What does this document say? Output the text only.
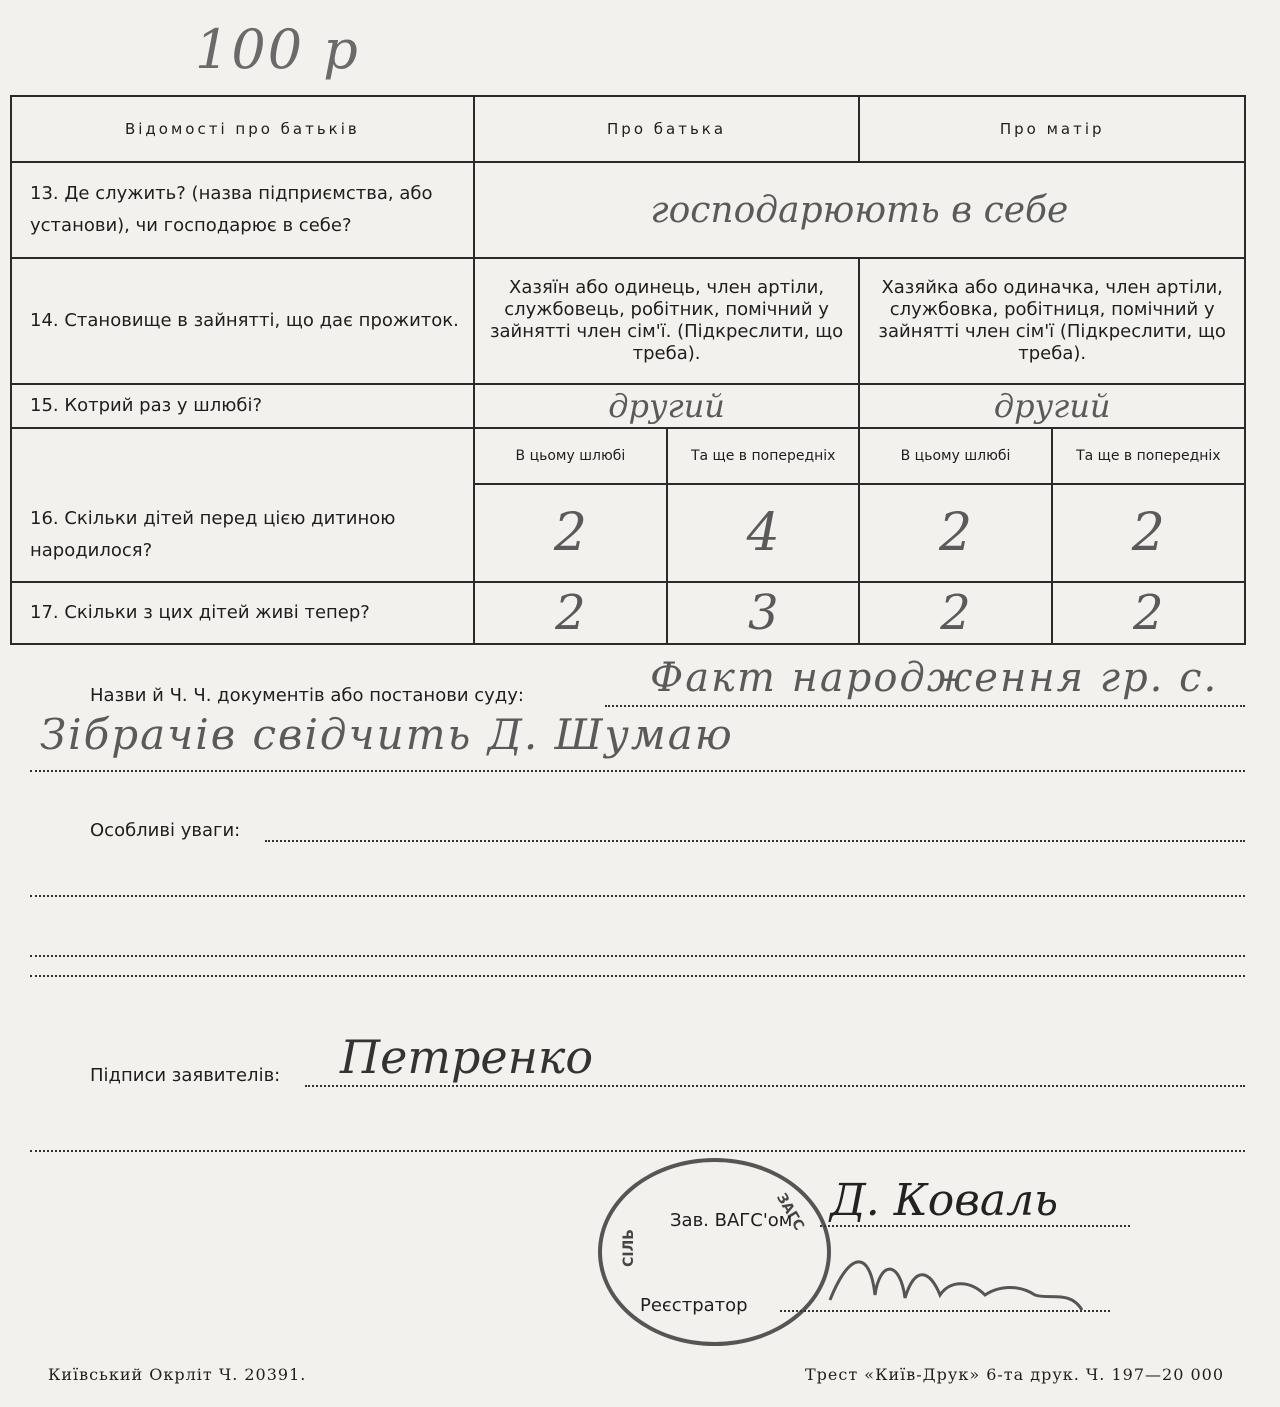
100 р
Відомості про батьків	Про батька		Про матір	
13. Де служить? (назва підприємства, або установи), чи господарює в себе?	господарюють в себе			
14. Становище в зайнятті, що дає прожиток.	Хазяїн або одинець, член артіли, службовець, робітник, помічний у зайнятті член сім'ї. (Підкреслити, що треба).		Хазяйка або одиначка, член артіли, службовка, робітниця, помічний у зайнятті член сім'ї (Підкреслити, що треба).	
15. Котрий раз у шлюбі?	другий		другий	
16. Скільки дітей перед цією дитиною народилося?	В цьому шлюбі	Та ще в попередніх	В цьому шлюбі	Та ще в попередніх
	2	4	2	2
17. Скільки з цих дітей живі тепер?	2	3	2	2
Назви й Ч. Ч. документів або постанови суду:	Факт народження гр. с.
Зібрачів свідчить Д. Шумаю
Особливі уваги:
Підписи заявителів: Петренко
ЗАГС
СІЛЬ
Зав. ВАГС'ом Д. Коваль
Реєстратор
Київський Окрліт Ч. 20391.	Трест «Київ-Друк» 6-та друк. Ч. 197—20 000
